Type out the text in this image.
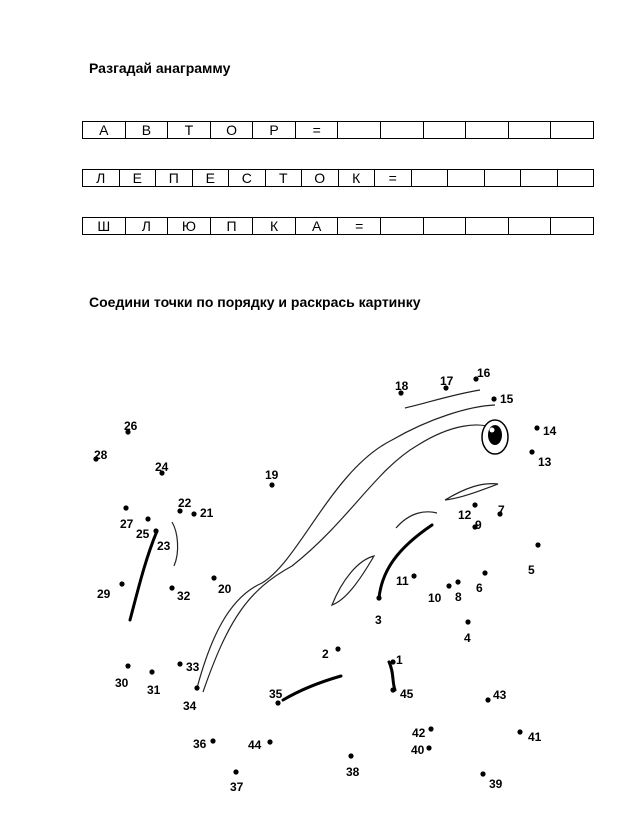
Разгадай анаграмму
А	В	Т	О	Р	=
Л	Е	П	Е	С	Т	О	К	=
Ш	Л	Ю	П	К	А	=
Соедини точки по порядку и раскрась картинку
1
2
3
4
5
6
7
8
9
10
11
12
13
14
15
16
17
18
19
20
21
22
23
24
25
26
27
28
29
30 31
32
33
34
35
36
37
38
39
40
41
42
43
44
45
